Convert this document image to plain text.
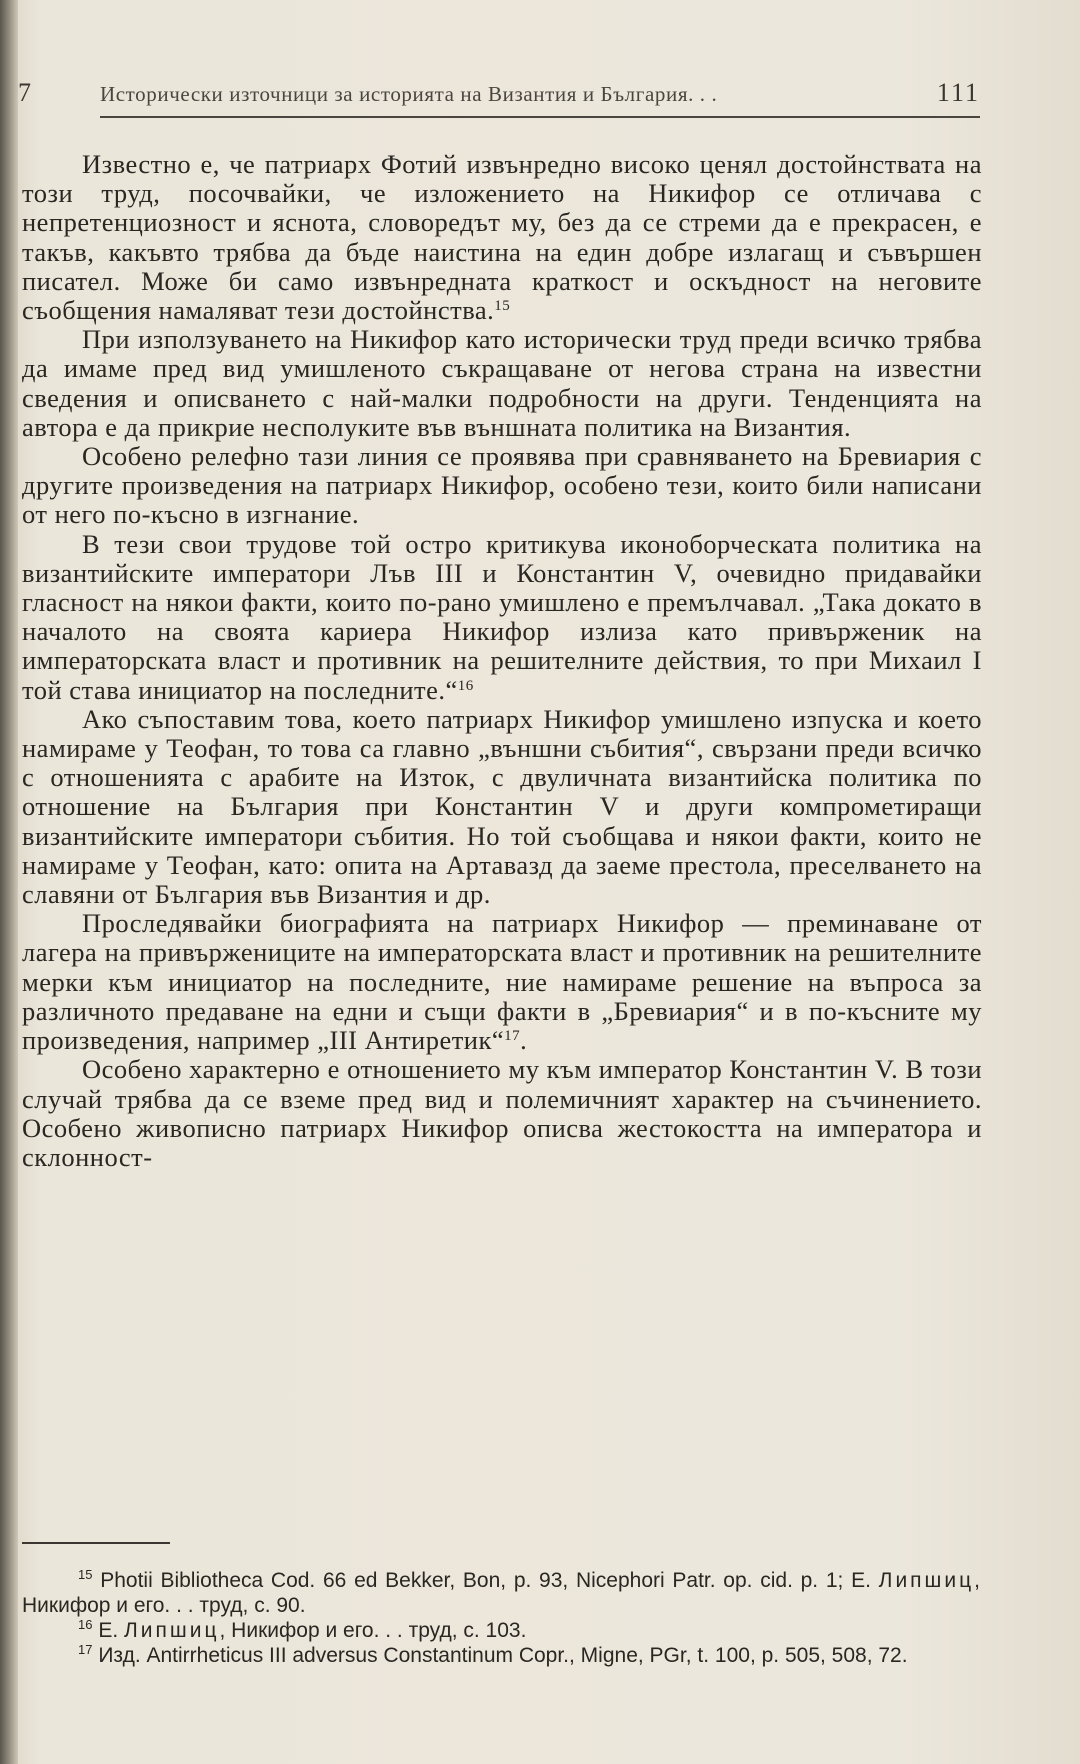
7	Исторически източници за историята на Византия и България. . .	111

Известно е, че патриарх Фотий извънредно високо ценял достойнствата на този труд, посочвайки, че изложението на Никифор се отличава с непретенциозност и яснота, словоредът му, без да се стреми да е прекрасен, е такъв, какъвто трябва да бъде наистина на един добре излагащ и съвършен писател. Може би само извънредната краткост и оскъдност на неговите съобщения намаляват тези достойнства.$^{15}$

При използуването на Никифор като исторически труд преди всичко трябва да имаме пред вид умишленото съкращаване от негова страна на известни сведения и описването с най-малки подробности на други. Тенденцията на автора е да прикрие несполуките във външната политика на Византия.

Особено релефно тази линия се проявява при сравняването на Бревиария с другите произведения на патриарх Никифор, особено тези, които били написани от него по-късно в изгнание.

В тези свои трудове той остро критикува иконоборческата политика на византийските императори Лъв III и Константин V, очевидно придавайки гласност на някои факти, които по-рано умишлено е премълчавал. „Така докато в началото на своята кариера Никифор излиза като привърженик на императорската власт и противник на решителните действия, то при Михаил I той става инициатор на последните.“$^{16}$

Ако съпоставим това, което патриарх Никифор умишлено изпуска и което намираме у Теофан, то това са главно „външни събития“, свързани преди всичко с отношенията с арабите на Изток, с двуличната византийска политика по отношение на България при Константин V и други компрометиращи византийските императори събития. Но той съобщава и някои факти, които не намираме у Теофан, като: опита на Артавазд да заеме престола, преселването на славяни от България във Византия и др.

Проследявайки биографията на патриарх Никифор — преминаване от лагера на привържениците на императорската власт и противник на решителните мерки към инициатор на последните, ние намираме решение на въпроса за различното предаване на едни и същи факти в „Бревиария“ и в по-късните му произведения, например „III Антиретик“$^{17}$.

Особено характерно е отношението му към император Константин V. В този случай трябва да се вземе пред вид и полемичният характер на съчинението. Особено живописно патриарх Никифор описва жестокостта на императора и склонност-

$^{15}$ Photii Bibliotheca Cod. 66 ed Bekker, Bon, p. 93, Nicephori Patr. op. cid. p. 1; Е. Липшиц, Никифор и его. . . труд, с. 90.

$^{16}$ Е. Липшиц, Никифор и его. . . труд, с. 103.

$^{17}$ Изд. Antirrheticus III adversus Constantinum Copr., Migne, PGr, t. 100, p. 505, 508, 72.
